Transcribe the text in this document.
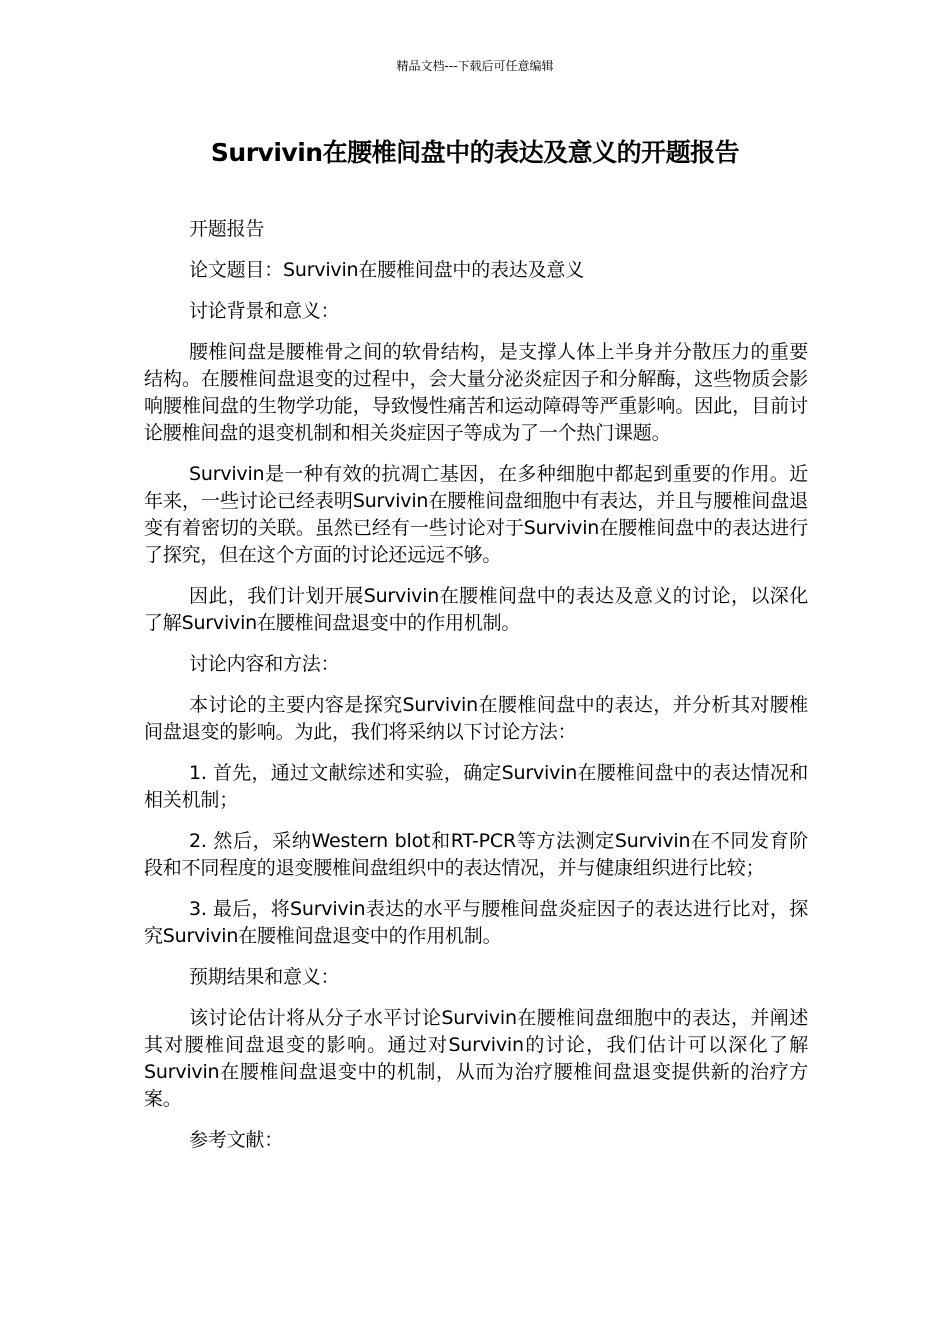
精品文档---下载后可任意编辑
Survivin在腰椎间盘中的表达及意义的开题报告

开题报告

论文题目：Survivin在腰椎间盘中的表达及意义

讨论背景和意义：

腰椎间盘是腰椎骨之间的软骨结构，是支撑人体上半身并分散压力的重要结构。在腰椎间盘退变的过程中，会大量分泌炎症因子和分解酶，这些物质会影响腰椎间盘的生物学功能，导致慢性痛苦和运动障碍等严重影响。因此，目前讨论腰椎间盘的退变机制和相关炎症因子等成为了一个热门课题。

Survivin是一种有效的抗凋亡基因，在多种细胞中都起到重要的作用。近年来，一些讨论已经表明Survivin在腰椎间盘细胞中有表达，并且与腰椎间盘退变有着密切的关联。虽然已经有一些讨论对于Survivin在腰椎间盘中的表达进行了探究，但在这个方面的讨论还远远不够。

因此，我们计划开展Survivin在腰椎间盘中的表达及意义的讨论，以深化了解Survivin在腰椎间盘退变中的作用机制。

讨论内容和方法：

本讨论的主要内容是探究Survivin在腰椎间盘中的表达，并分析其对腰椎间盘退变的影响。为此，我们将采纳以下讨论方法：

1. 首先，通过文献综述和实验，确定Survivin在腰椎间盘中的表达情况和相关机制；

2. 然后，采纳Western blot和RT-PCR等方法测定Survivin在不同发育阶段和不同程度的退变腰椎间盘组织中的表达情况，并与健康组织进行比较；

3. 最后，将Survivin表达的水平与腰椎间盘炎症因子的表达进行比对，探究Survivin在腰椎间盘退变中的作用机制。

预期结果和意义：

该讨论估计将从分子水平讨论Survivin在腰椎间盘细胞中的表达，并阐述其对腰椎间盘退变的影响。通过对Survivin的讨论，我们估计可以深化了解Survivin在腰椎间盘退变中的机制，从而为治疗腰椎间盘退变提供新的治疗方案。

参考文献：
